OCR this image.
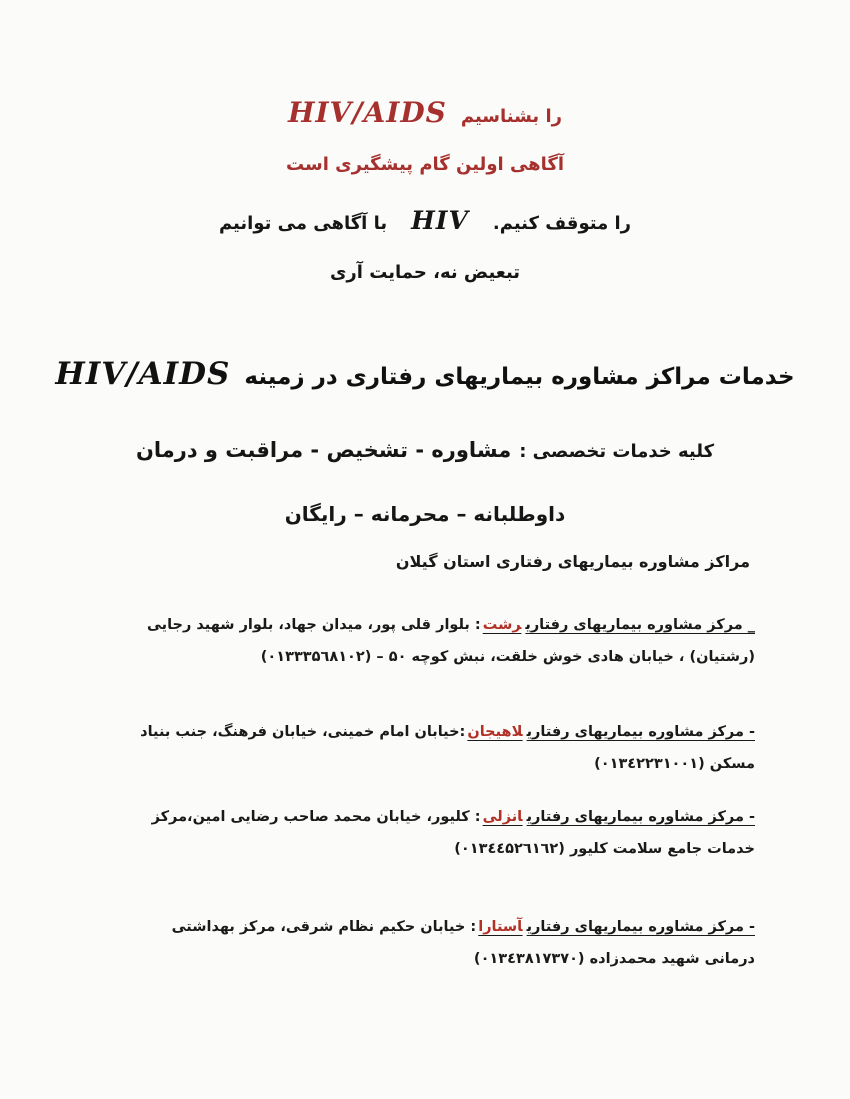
HIV/AIDS را بشناسیم
آگاهی اولین گام پیشگیری است
با آگاهی می توانیم HIV را متوقف کنیم.
تبعیض نه، حمایت آری
HIV/AIDS خدمات مراکز مشاوره بیماریهای رفتاری در زمینه
کلیه خدمات تخصصی :
مشاوره - تشخیص - مراقبت و درمان
داوطلبانه – محرمانه – رایگان
مراکز مشاوره بیماریهای رفتاری استان گیلان

_ مرکز مشاوره بیماریهای رفتاریرشت: بلوار قلی پور، میدان جهاد، بلوار شهید رجایی (رشتیان) ، خیابان هادی خوش خلقت، نبش کوچه ۵۰ – (۰۱۳۳۳۵٦۸۱۰۲)

- مرکز مشاوره بیماریهای رفتاریلاهیجان:خیابان امام خمینی، خیابان فرهنگ، جنب بنیاد مسکن (۰۱۳٤۲۲۳۱۰۰۱)

- مرکز مشاوره بیماریهای رفتاریانزلی: کلیور، خیابان محمد صاحب رضایی امین،مرکز خدمات جامع سلامت کلیور (۰۱۳٤٤۵۲٦۱٦۲)

- مرکز مشاوره بیماریهای رفتاریآستارا: خیابان حکیم نظام شرقی، مرکز بهداشتی درمانی شهید محمدزاده (۰۱۳٤۳۸۱۷۳۷۰)
